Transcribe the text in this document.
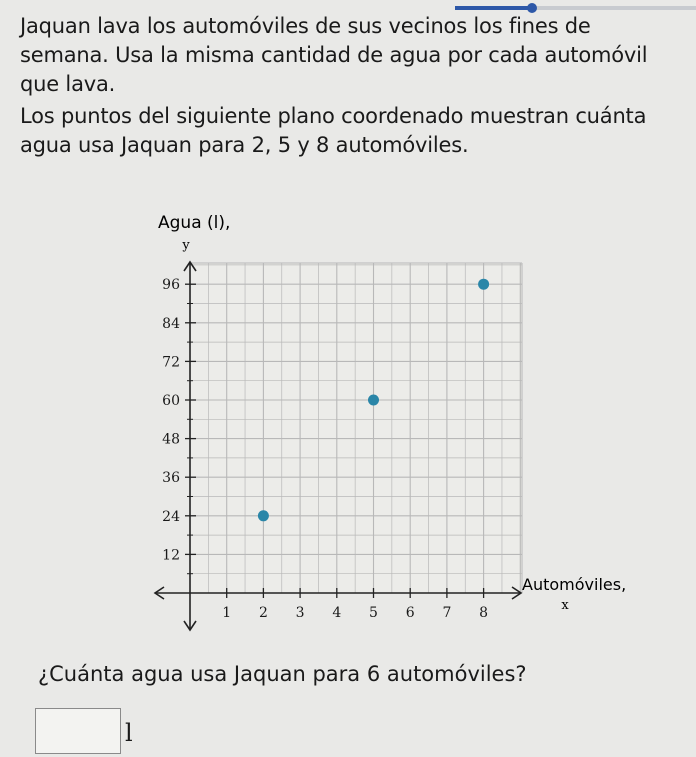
Jaquan lava los automóviles de sus vecinos los fines de semana. Usa la misma cantidad de agua por cada automóvil que lava.
Los puntos del siguiente plano coordenado muestran cuánta agua usa Jaquan para 2, 5 y 8 automóviles.
1 2 3 4 5 6 7 8
12
24
36
48
60
72
84
96
Agua (l),
y
Automóviles,
x
¿Cuánta agua usa Jaquan para 6 automóviles?
l
